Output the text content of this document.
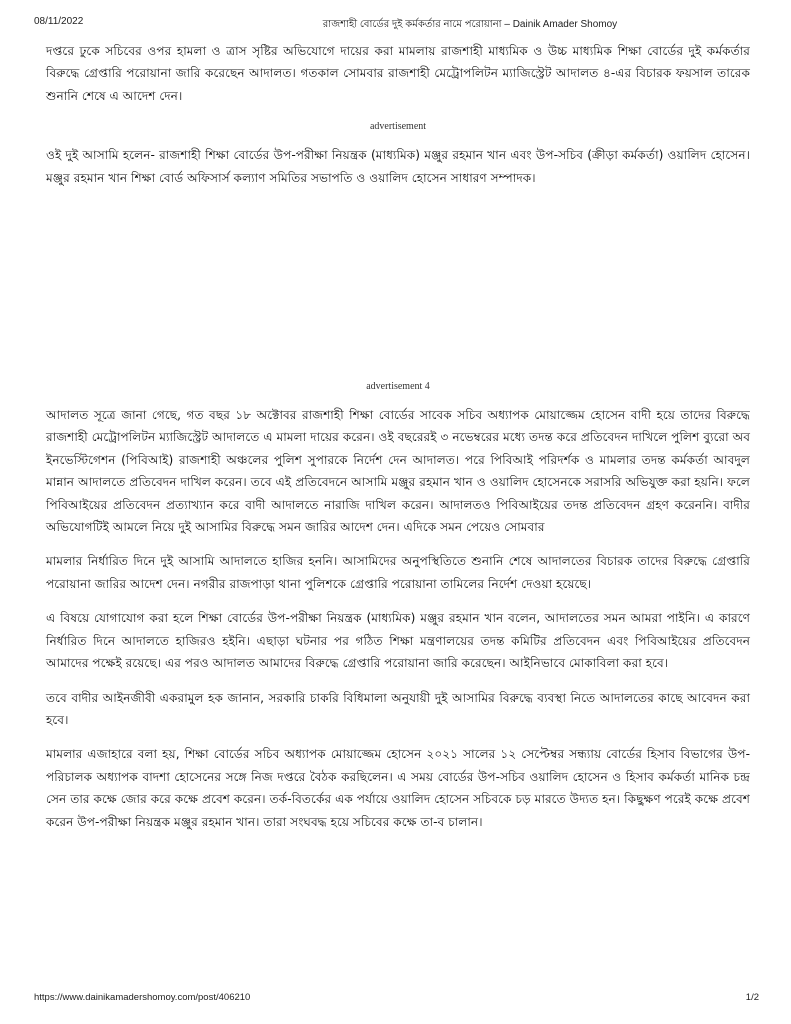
08/11/2022	রাজশাহী বোর্ডের দুই কর্মকর্তার নামে পরোয়ানা – Dainik Amader Shomoy

দপ্তরে ঢুকে সচিবের ওপর হামলা ও ত্রাস সৃষ্টির অভিযোগে দায়ের করা মামলায় রাজশাহী মাধ্যমিক ও উচ্চ মাধ্যমিক শিক্ষা বোর্ডের দুই কর্মকর্তার বিরুদ্ধে গ্রেপ্তারি পরোয়ানা জারি করেছেন আদালত। গতকাল সোমবার রাজশাহী মেট্রোপলিটন ম্যাজিস্ট্রেট আদালত ৪-এর বিচারক ফয়সাল তারেক শুনানি শেষে এ আদেশ দেন।

advertisement

ওই দুই আসামি হলেন- রাজশাহী শিক্ষা বোর্ডের উপ-পরীক্ষা নিয়ন্ত্রক (মাধ্যমিক) মঞ্জুর রহমান খান এবং উপ-সচিব (ক্রীড়া কর্মকর্তা) ওয়ালিদ হোসেন। মঞ্জুর রহমান খান শিক্ষা বোর্ড অফিসার্স কল্যাণ সমিতির সভাপতি ও ওয়ালিদ হোসেন সাধারণ সম্পাদক।

advertisement 4

আদালত সূত্রে জানা গেছে, গত বছর ১৮ অক্টোবর রাজশাহী শিক্ষা বোর্ডের সাবেক সচিব অধ্যাপক মোয়াজ্জেম হোসেন বাদী হয়ে তাদের বিরুদ্ধে রাজশাহী মেট্রোপলিটন ম্যাজিস্ট্রেট আদালতে এ মামলা দায়ের করেন। ওই বছরেরই ৩ নভেম্বরের মধ্যে তদন্ত করে প্রতিবেদন দাখিলে পুলিশ ব্যুরো অব ইনভেস্টিগেশন (পিবিআই) রাজশাহী অঞ্চলের পুলিশ সুপারকে নির্দেশ দেন আদালত। পরে পিবিআই পরিদর্শক ও মামলার তদন্ত কর্মকর্তা আবদুল মান্নান আদালতে প্রতিবেদন দাখিল করেন। তবে এই প্রতিবেদনে আসামি মঞ্জুর রহমান খান ও ওয়ালিদ হোসেনকে সরাসরি অভিযুক্ত করা হয়নি। ফলে পিবিআইয়ের প্রতিবেদন প্রত্যাখ্যান করে বাদী আদালতে নারাজি দাখিল করেন। আদালতও পিবিআইয়ের তদন্ত প্রতিবেদন গ্রহণ করেননি। বাদীর অভিযোগটিই আমলে নিয়ে দুই আসামির বিরুদ্ধে সমন জারির আদেশ দেন। এদিকে সমন পেয়েও সোমবার

মামলার নির্ধারিত দিনে দুই আসামি আদালতে হাজির হননি। আসামিদের অনুপস্থিতিতে শুনানি শেষে আদালতের বিচারক তাদের বিরুদ্ধে গ্রেপ্তারি পরোয়ানা জারির আদেশ দেন। নগরীর রাজপাড়া থানা পুলিশকে গ্রেপ্তারি পরোয়ানা তামিলের নির্দেশ দেওয়া হয়েছে।

এ বিষয়ে যোগাযোগ করা হলে শিক্ষা বোর্ডের উপ-পরীক্ষা নিয়ন্ত্রক (মাধ্যমিক) মঞ্জুর রহমান খান বলেন, আদালতের সমন আমরা পাইনি। এ কারণে নির্ধারিত দিনে আদালতে হাজিরও হইনি। এছাড়া ঘটনার পর গঠিত শিক্ষা মন্ত্রণালয়ের তদন্ত কমিটির প্রতিবেদন এবং পিবিআইয়ের প্রতিবেদন আমাদের পক্ষেই রয়েছে। এর পরও আদালত আমাদের বিরুদ্ধে গ্রেপ্তারি পরোয়ানা জারি করেছেন। আইনিভাবে মোকাবিলা করা হবে।

তবে বাদীর আইনজীবী একরামুল হক জানান, সরকারি চাকরি বিধিমালা অনুযায়ী দুই আসামির বিরুদ্ধে ব্যবস্থা নিতে আদালতের কাছে আবেদন করা হবে।

মামলার এজাহারে বলা হয়, শিক্ষা বোর্ডের সচিব অধ্যাপক মোয়াজ্জেম হোসেন ২০২১ সালের ১২ সেপ্টেম্বর সন্ধ্যায় বোর্ডের হিসাব বিভাগের উপ-পরিচালক অধ্যাপক বাদশা হোসেনের সঙ্গে নিজ দপ্তরে বৈঠক করছিলেন। এ সময় বোর্ডের উপ-সচিব ওয়ালিদ হোসেন ও হিসাব কর্মকর্তা মানিক চন্দ্র সেন তার কক্ষে জোর করে কক্ষে প্রবেশ করেন। তর্ক-বিতর্কের এক পর্যায়ে ওয়ালিদ হোসেন সচিবকে চড় মারতে উদ্যত হন। কিছুক্ষণ পরেই কক্ষে প্রবেশ করেন উপ-পরীক্ষা নিয়ন্ত্রক মঞ্জুর রহমান খান। তারা সংঘবদ্ধ হয়ে সচিবের কক্ষে তা-ব চালান।

https://www.dainikamadershomoy.com/post/406210	1/2
